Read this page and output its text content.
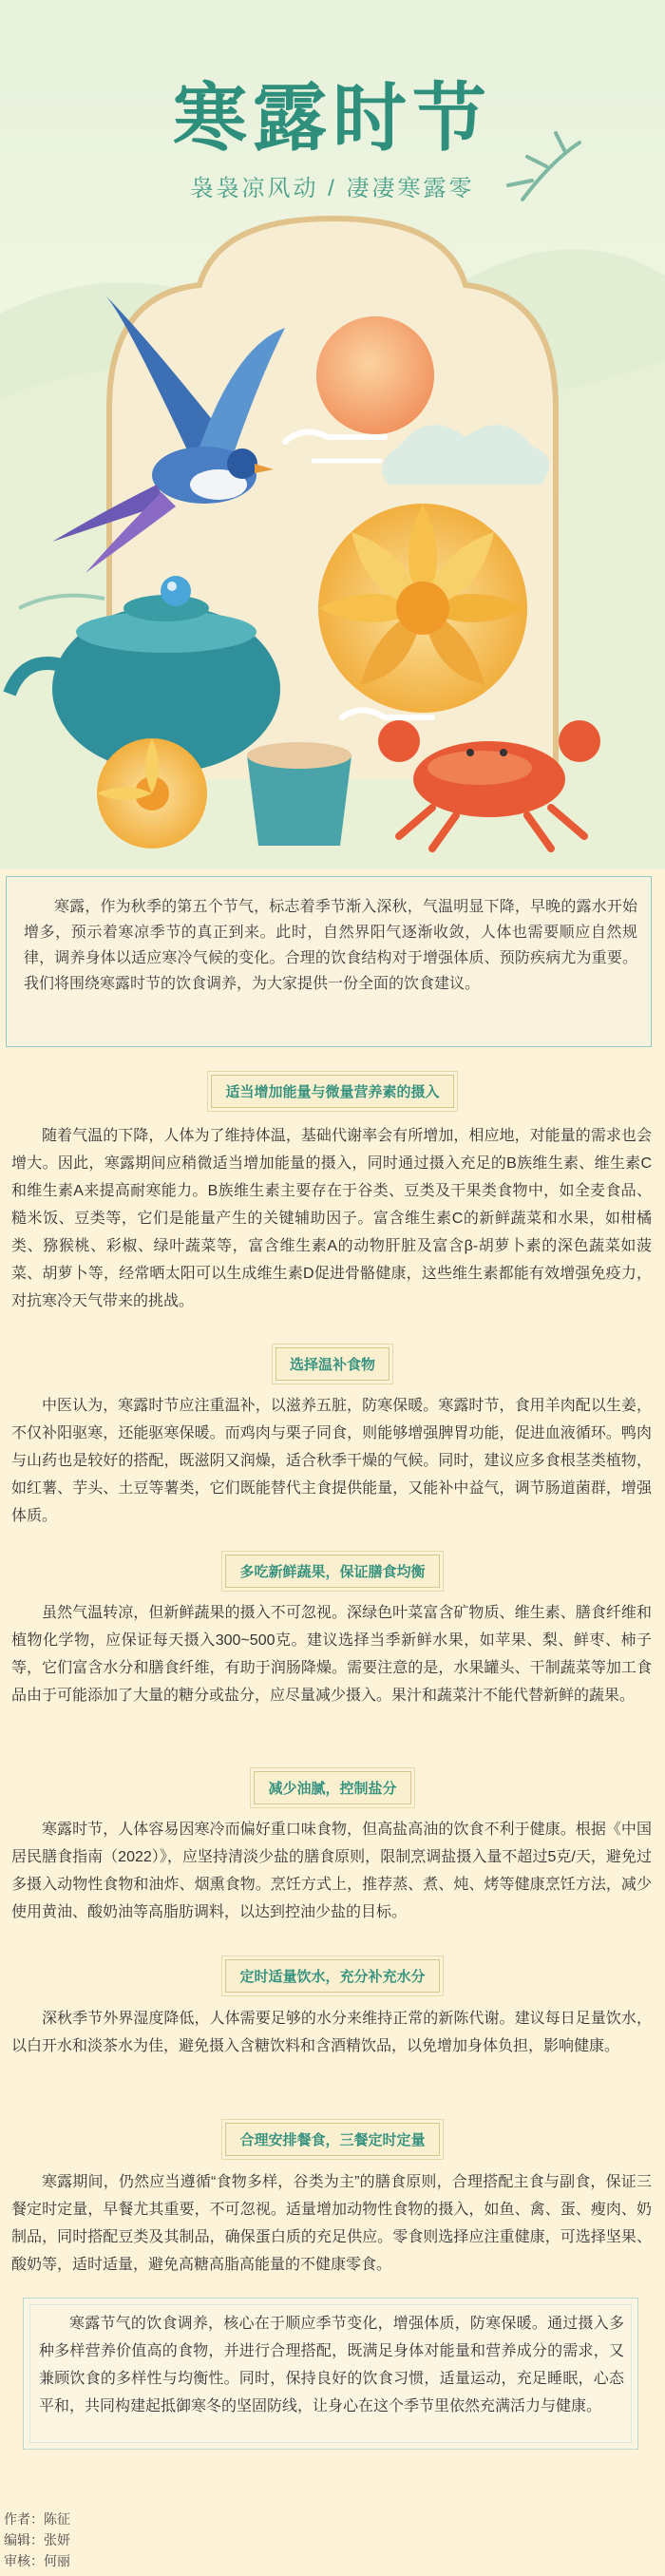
寒露时节

袅袅凉风动 / 凄凄寒露零

寒露，作为秋季的第五个节气，标志着季节渐入深秋，气温明显下降，早晚的露水开始增多，预示着寒凉季节的真正到来。此时，自然界阳气逐渐收敛，人体也需要顺应自然规律，调养身体以适应寒冷气候的变化。合理的饮食结构对于增强体质、预防疾病尤为重要。我们将围绕寒露时节的饮食调养，为大家提供一份全面的饮食建议。

适当增加能量与微量营养素的摄入

随着气温的下降，人体为了维持体温，基础代谢率会有所增加，相应地，对能量的需求也会增大。因此，寒露期间应稍微适当增加能量的摄入，同时通过摄入充足的B族维生素、维生素C和维生素A来提高耐寒能力。B族维生素主要存在于谷类、豆类及干果类食物中，如全麦食品、糙米饭、豆类等，它们是能量产生的关键辅助因子。富含维生素C的新鲜蔬菜和水果，如柑橘类、猕猴桃、彩椒、绿叶蔬菜等，富含维生素A的动物肝脏及富含β-胡萝卜素的深色蔬菜如菠菜、胡萝卜等，经常晒太阳可以生成维生素D促进骨骼健康，这些维生素都能有效增强免疫力，对抗寒冷天气带来的挑战。

选择温补食物

中医认为，寒露时节应注重温补，以滋养五脏，防寒保暖。寒露时节，食用羊肉配以生姜，不仅补阳驱寒，还能驱寒保暖。而鸡肉与栗子同食，则能够增强脾胃功能，促进血液循环。鸭肉与山药也是较好的搭配，既滋阴又润燥，适合秋季干燥的气候。同时，建议应多食根茎类植物，如红薯、芋头、土豆等薯类，它们既能替代主食提供能量，又能补中益气，调节肠道菌群，增强体质。

多吃新鲜蔬果，保证膳食均衡

虽然气温转凉，但新鲜蔬果的摄入不可忽视。深绿色叶菜富含矿物质、维生素、膳食纤维和植物化学物，应保证每天摄入300~500克。建议选择当季新鲜水果，如苹果、梨、鲜枣、柿子等，它们富含水分和膳食纤维，有助于润肠降燥。需要注意的是，水果罐头、干制蔬菜等加工食品由于可能添加了大量的糖分或盐分，应尽量减少摄入。果汁和蔬菜汁不能代替新鲜的蔬果。

减少油腻，控制盐分

寒露时节，人体容易因寒冷而偏好重口味食物，但高盐高油的饮食不利于健康。根据《中国居民膳食指南（2022）》，应坚持清淡少盐的膳食原则，限制烹调盐摄入量不超过5克/天，避免过多摄入动物性食物和油炸、烟熏食物。烹饪方式上，推荐蒸、煮、炖、烤等健康烹饪方法，减少使用黄油、酸奶油等高脂肪调料，以达到控油少盐的目标。

定时适量饮水，充分补充水分

深秋季节外界湿度降低，人体需要足够的水分来维持正常的新陈代谢。建议每日足量饮水，以白开水和淡茶水为佳，避免摄入含糖饮料和含酒精饮品，以免增加身体负担，影响健康。

合理安排餐食，三餐定时定量

寒露期间，仍然应当遵循“食物多样，谷类为主”的膳食原则，合理搭配主食与副食，保证三餐定时定量，早餐尤其重要，不可忽视。适量增加动物性食物的摄入，如鱼、禽、蛋、瘦肉、奶制品，同时搭配豆类及其制品，确保蛋白质的充足供应。零食则选择应注重健康，可选择坚果、酸奶等，适时适量，避免高糖高脂高能量的不健康零食。

寒露节气的饮食调养，核心在于顺应季节变化，增强体质，防寒保暖。通过摄入多种多样营养价值高的食物，并进行合理搭配，既满足身体对能量和营养成分的需求，又兼顾饮食的多样性与均衡性。同时，保持良好的饮食习惯，适量运动，充足睡眠，心态平和，共同构建起抵御寒冬的坚固防线，让身心在这个季节里依然充满活力与健康。

作者：陈征
编辑：张妍
审核：何丽
